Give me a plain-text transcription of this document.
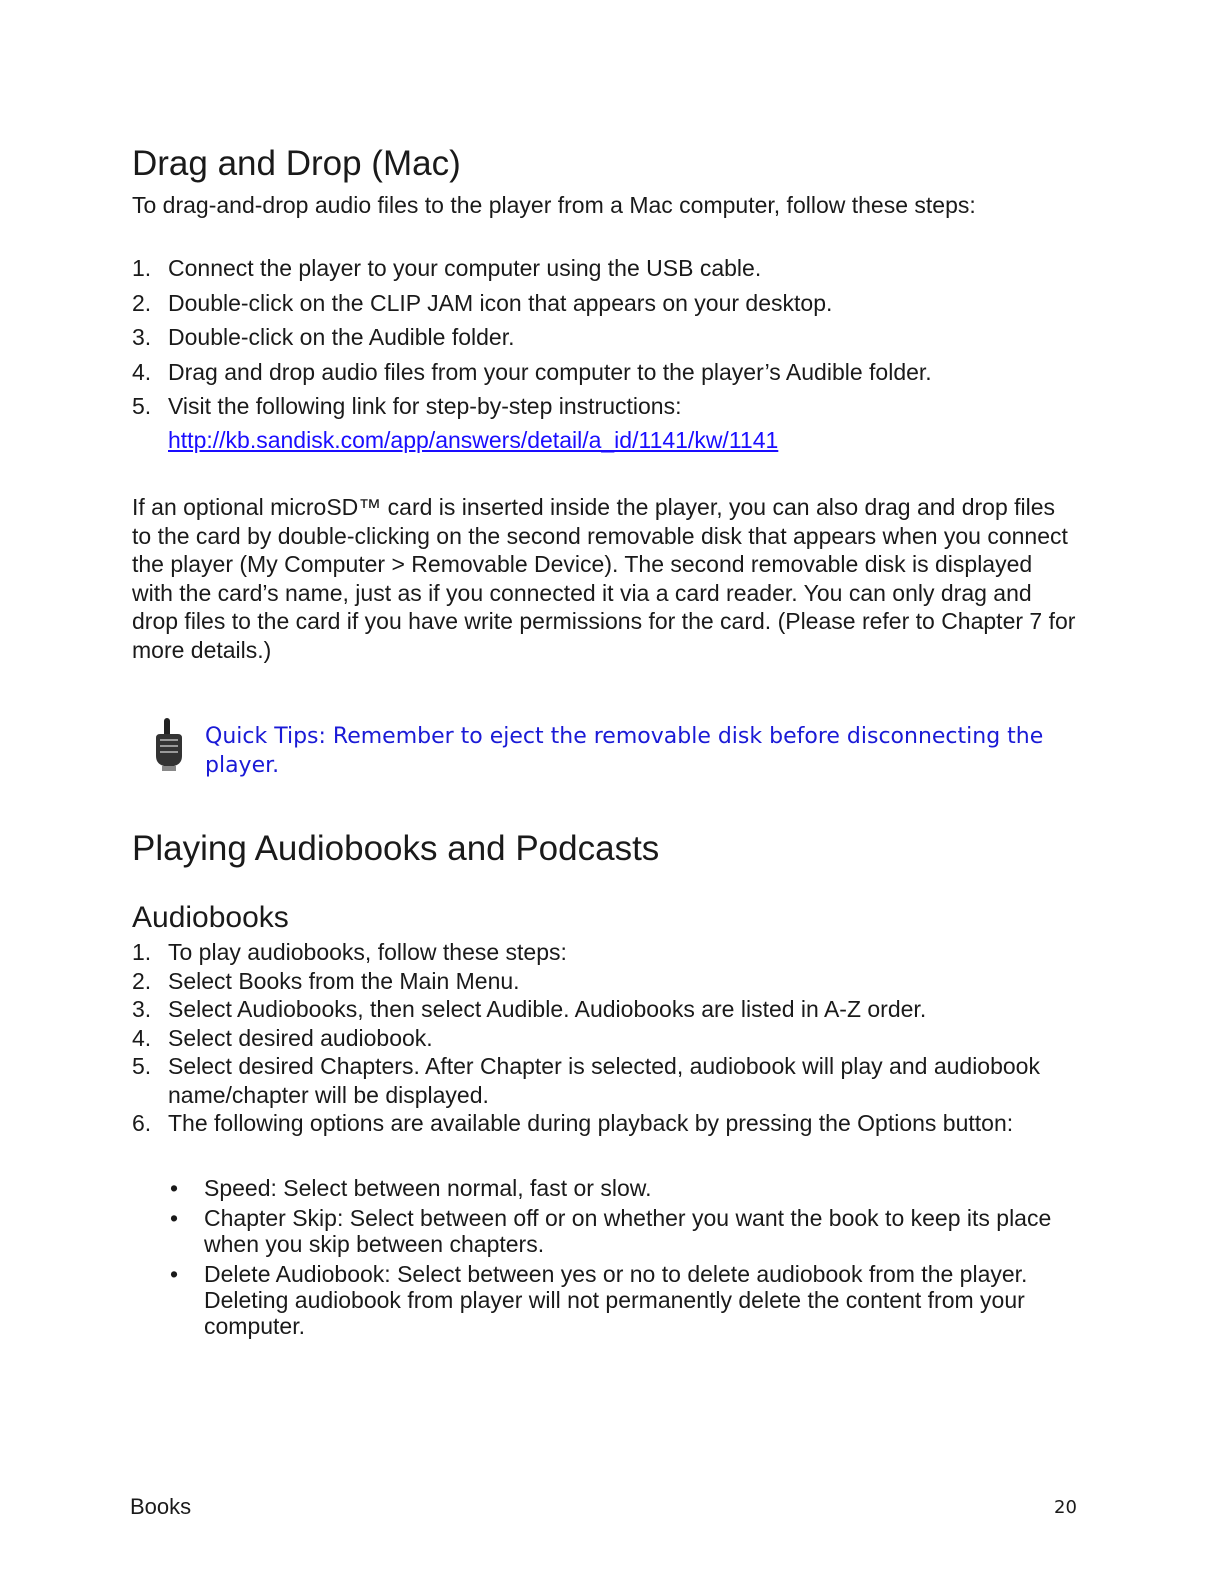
Drag and Drop (Mac)
To drag-and-drop audio files to the player from a Mac computer, follow these steps:
1. Connect the player to your computer using the USB cable.
2. Double-click on the CLIP JAM icon that appears on your desktop.
3. Double-click on the Audible folder.
4. Drag and drop audio files from your computer to the player’s Audible folder.
5. Visit the following link for step-by-step instructions:
http://kb.sandisk.com/app/answers/detail/a_id/1141/kw/1141
If an optional microSD™ card is inserted inside the player, you can also drag and drop files to the card by double-clicking on the second removable disk that appears when you connect the player (My Computer > Removable Device). The second removable disk is displayed with the card’s name, just as if you connected it via a card reader. You can only drag and drop files to the card if you have write permissions for the card. (Please refer to Chapter 7 for more details.)
Quick Tips: Remember to eject the removable disk before disconnecting the player.
Playing Audiobooks and Podcasts
Audiobooks
1. To play audiobooks, follow these steps:
2. Select Books from the Main Menu.
3. Select Audiobooks, then select Audible. Audiobooks are listed in A-Z order.
4. Select desired audiobook.
5. Select desired Chapters. After Chapter is selected, audiobook will play and audiobook name/chapter will be displayed.
6. The following options are available during playback by pressing the Options button:
• Speed: Select between normal, fast or slow.
• Chapter Skip: Select between off or on whether you want the book to keep its place when you skip between chapters.
• Delete Audiobook: Select between yes or no to delete audiobook from the player. Deleting audiobook from player will not permanently delete the content from your computer.
Books	20
